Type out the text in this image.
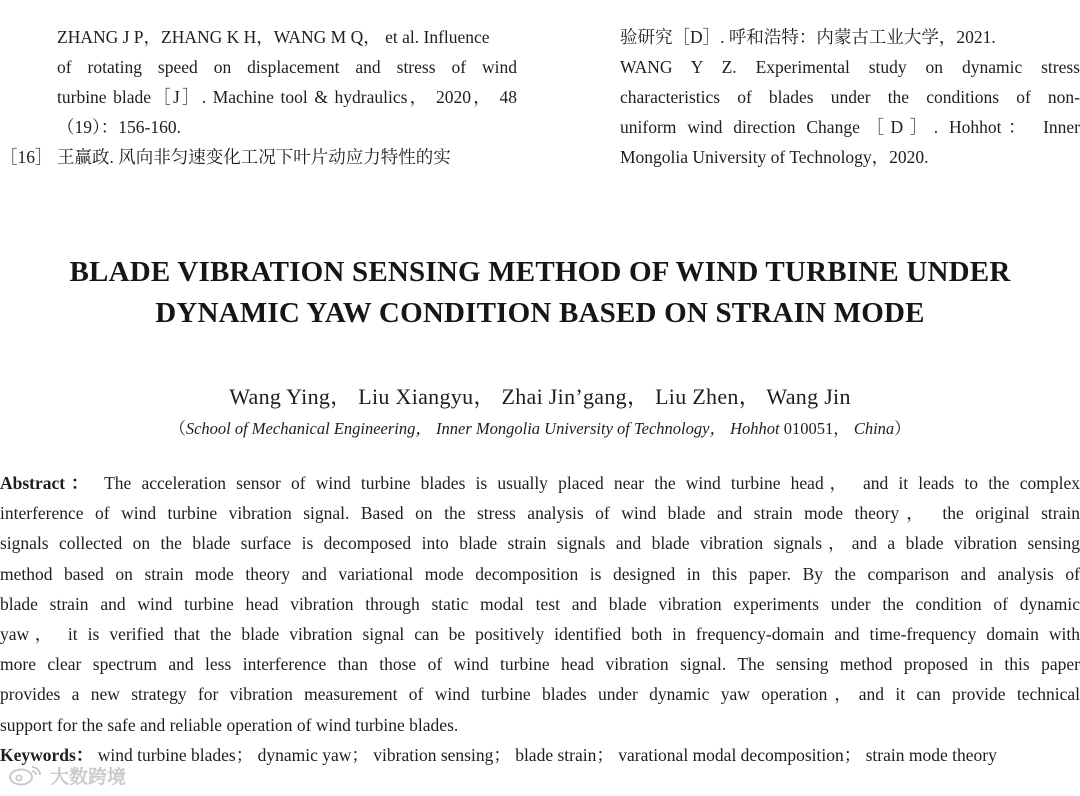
ZHANG J P，ZHANG K H，WANG M Q， et al. Influence
of rotating speed on displacement and stress of wind
turbine blade［J］. Machine tool & hydraulics， 2020， 48
（19）：156-160.
［16］ 王赢政. 风向非匀速变化工况下叶片动应力特性的实
验研究［D］. 呼和浩特：内蒙古工业大学，2021.
WANG Y Z. Experimental study on dynamic stress
characteristics of blades under the conditions of non-
uniform wind direction Change［D］. Hohhot： Inner
Mongolia University of Technology，2020.
BLADE VIBRATION SENSING METHOD OF WIND TURBINE UNDER
DYNAMIC YAW CONDITION BASED ON STRAIN MODE
Wang Ying， Liu Xiangyu， Zhai Jin’gang， Liu Zhen， Wang Jin
（School of Mechanical Engineering， Inner Mongolia University of Technology， Hohhot 010051， China）
Abstract： The acceleration sensor of wind turbine blades is usually placed near the wind turbine head， and it leads to the complex
interference of wind turbine vibration signal. Based on the stress analysis of wind blade and strain mode theory， the original strain
signals collected on the blade surface is decomposed into blade strain signals and blade vibration signals，and a blade vibration sensing
method based on strain mode theory and variational mode decomposition is designed in this paper. By the comparison and analysis of
blade strain and wind turbine head vibration through static modal test and blade vibration experiments under the condition of dynamic
yaw， it is verified that the blade vibration signal can be positively identified both in frequency-domain and time-frequency domain with
more clear spectrum and less interference than those of wind turbine head vibration signal. The sensing method proposed in this paper
provides a new strategy for vibration measurement of wind turbine blades under dynamic yaw operation，and it can provide technical
support for the safe and reliable operation of wind turbine blades.
Keywords： wind turbine blades； dynamic yaw； vibration sensing； blade strain； varational modal decomposition； strain mode theory
大数跨境
